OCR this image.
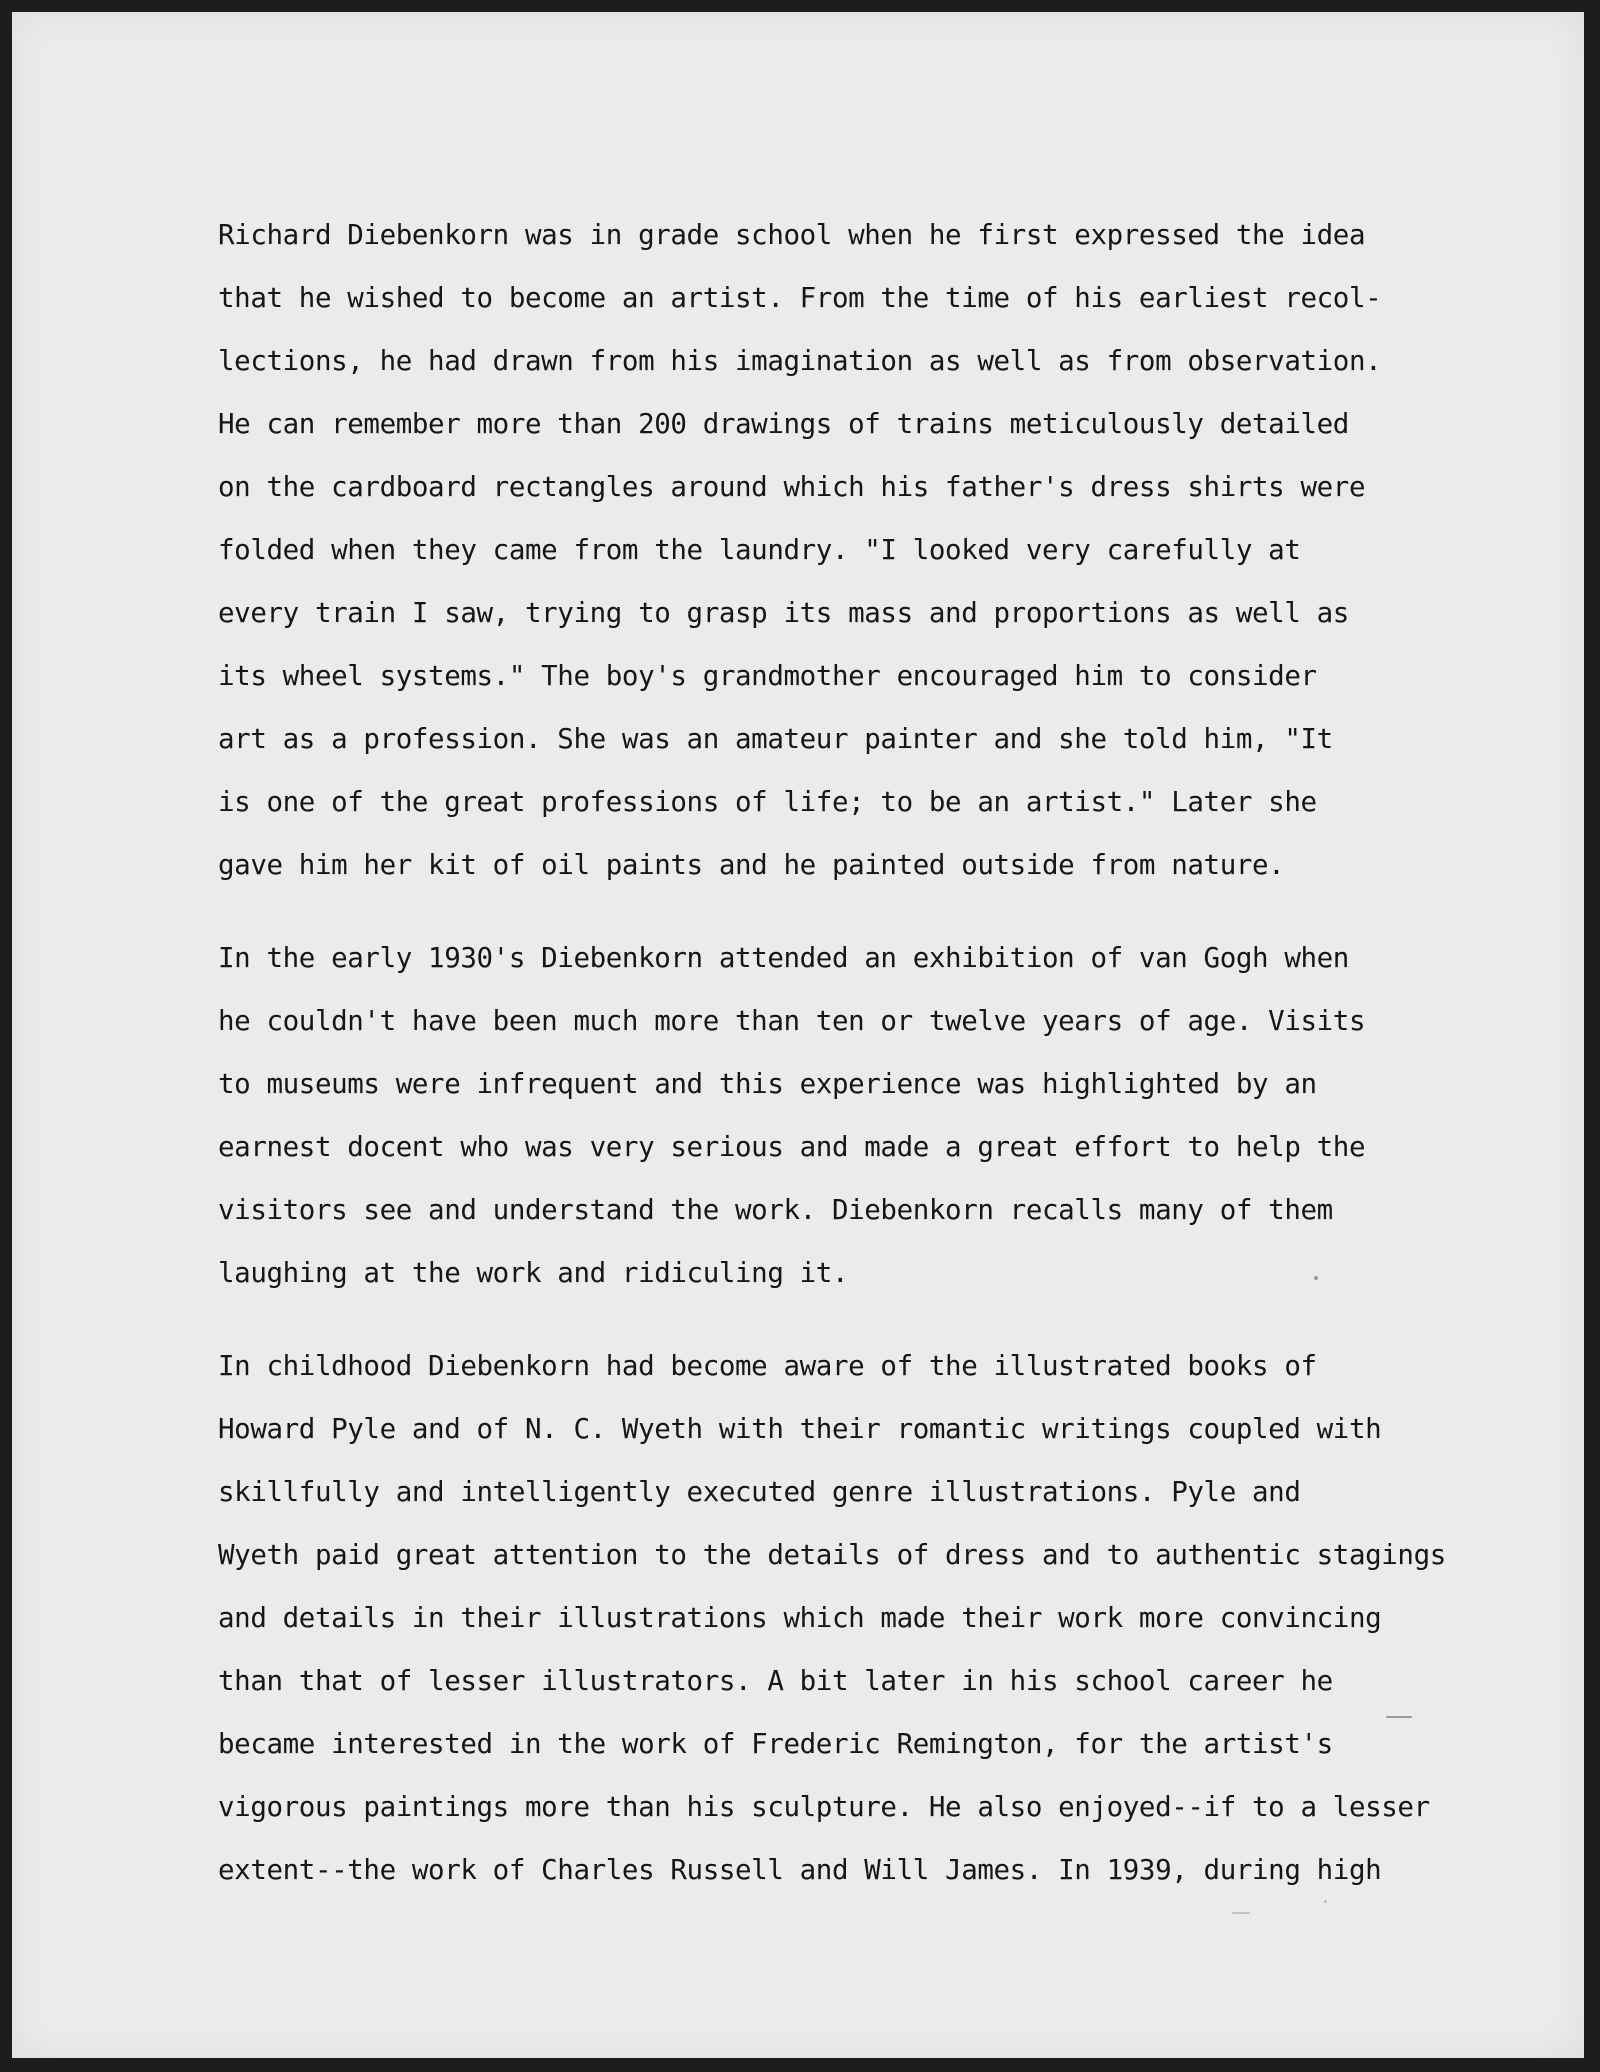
Richard Diebenkorn was in grade school when he first expressed the idea
that he wished to become an artist. From the time of his earliest recol-
lections, he had drawn from his imagination as well as from observation.
He can remember more than 200 drawings of trains meticulously detailed
on the cardboard rectangles around which his father's dress shirts were
folded when they came from the laundry. "I looked very carefully at
every train I saw, trying to grasp its mass and proportions as well as
its wheel systems." The boy's grandmother encouraged him to consider
art as a profession. She was an amateur painter and she told him, "It
is one of the great professions of life; to be an artist." Later she
gave him her kit of oil paints and he painted outside from nature.
In the early 1930's Diebenkorn attended an exhibition of van Gogh when
he couldn't have been much more than ten or twelve years of age. Visits
to museums were infrequent and this experience was highlighted by an
earnest docent who was very serious and made a great effort to help the
visitors see and understand the work. Diebenkorn recalls many of them
laughing at the work and ridiculing it.
In childhood Diebenkorn had become aware of the illustrated books of
Howard Pyle and of N. C. Wyeth with their romantic writings coupled with
skillfully and intelligently executed genre illustrations. Pyle and
Wyeth paid great attention to the details of dress and to authentic stagings
and details in their illustrations which made their work more convincing
than that of lesser illustrators. A bit later in his school career he
became interested in the work of Frederic Remington, for the artist's
vigorous paintings more than his sculpture. He also enjoyed--if to a lesser
extent--the work of Charles Russell and Will James. In 1939, during high
